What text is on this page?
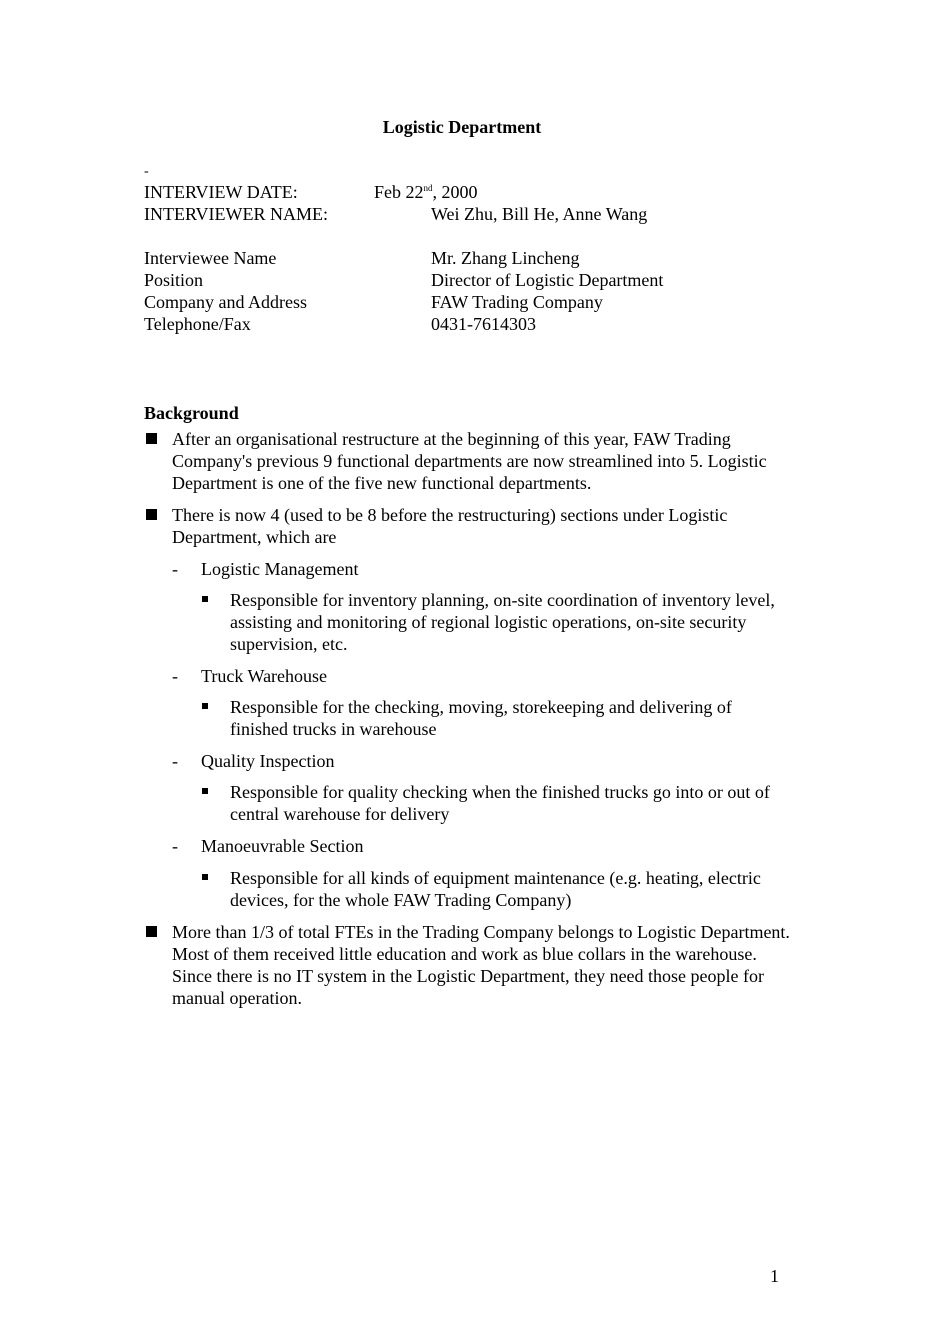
Logistic Department
-
INTERVIEW DATE:	Feb 22nd, 2000
INTERVIEWER NAME:	Wei Zhu, Bill He, Anne Wang
Interviewee Name	Mr. Zhang Lincheng
Position	Director of Logistic Department
Company and Address	FAW Trading Company
Telephone/Fax	0431-7614303
Background
After an organisational restructure at the beginning of this year, FAW Trading Company's previous 9 functional departments are now streamlined into 5. Logistic Department is one of the five new functional departments.
There is now 4 (used to be 8 before the restructuring) sections under Logistic Department, which are
- Logistic Management
Responsible for inventory planning, on-site coordination of inventory level, assisting and monitoring of regional logistic operations, on-site security supervision, etc.
- Truck Warehouse
Responsible for the checking, moving, storekeeping and delivering of finished trucks in warehouse
- Quality Inspection
Responsible for quality checking when the finished trucks go into or out of central warehouse for delivery
- Manoeuvrable Section
Responsible for all kinds of equipment maintenance (e.g. heating, electric devices, for the whole FAW Trading Company)
More than 1/3 of total FTEs in the Trading Company belongs to Logistic Department. Most of them received little education and work as blue collars in the warehouse. Since there is no IT system in the Logistic Department, they need those people for manual operation.
1
